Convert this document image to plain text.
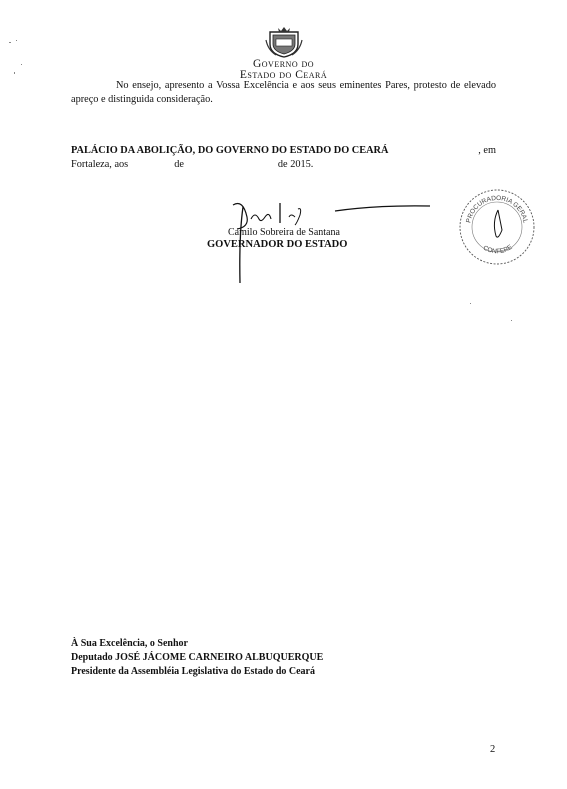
Governo do
Estado do Ceará
No ensejo, apresento a Vossa Excelência e aos seus eminentes Pares, protesto de elevado apreço e distinguida consideração.
PALÁCIO DA ABOLIÇÃO, DO GOVERNO DO ESTADO DO CEARÁ	, em
Fortaleza, aos	de	de 2015.
Camilo Sobreira de Santana
GOVERNADOR DO ESTADO
PROCURADORIA GERAL
CONFERE
À Sua Excelência, o Senhor
Deputado JOSÉ JÁCOME CARNEIRO ALBUQUERQUE
Presidente da Assembléia Legislativa do Estado do Ceará
2
